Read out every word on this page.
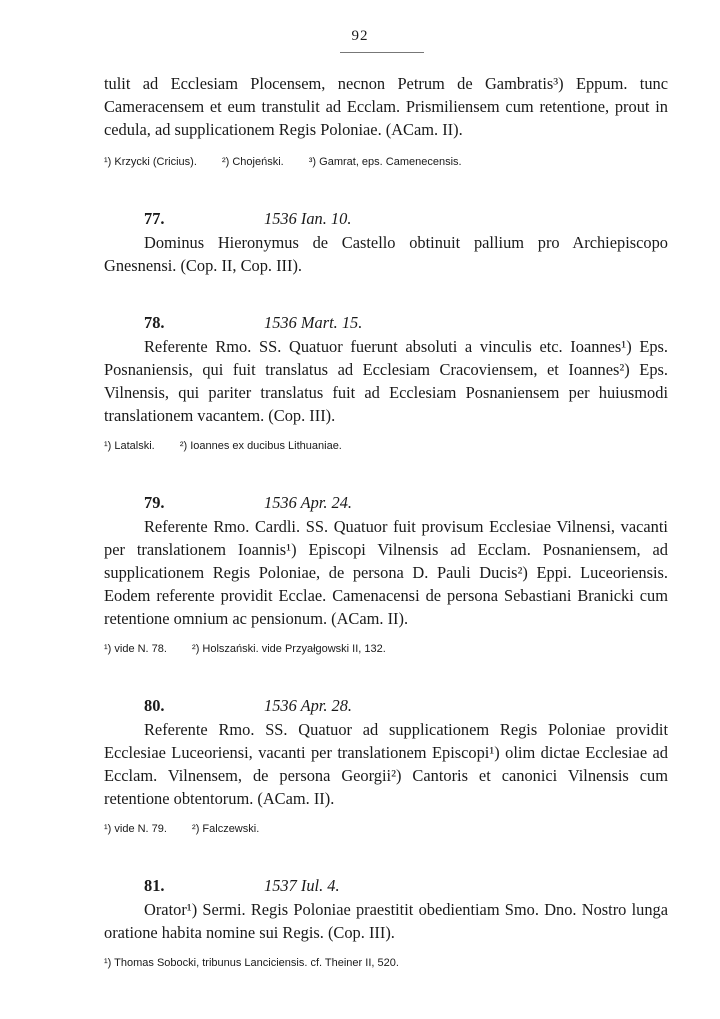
92

tulit ad Ecclesiam Plocensem, necnon Petrum de Gambratis³) Eppum. tunc Cameracensem et eum transtulit ad Ecclam. Prismiliensem cum retentione, prout in cedula, ad supplicationem Regis Poloniae. (ACam. II).

¹) Krzycki (Cricius). ²) Chojeński. ³) Gamrat, eps. Camenecensis.

77.	1536 Ian. 10.

Dominus Hieronymus de Castello obtinuit pallium pro Archiepiscopo Gnesnensi. (Cop. II, Cop. III).

78.	1536 Mart. 15.

Referente Rmo. SS. Quatuor fuerunt absoluti a vinculis etc. Ioannes¹) Eps. Posnaniensis, qui fuit translatus ad Ecclesiam Cracoviensem, et Ioannes²) Eps. Vilnensis, qui pariter translatus fuit ad Ecclesiam Posnaniensem per huiusmodi translationem vacantem. (Cop. III).

¹) Latalski. ²) Ioannes ex ducibus Lithuaniae.

79.	1536 Apr. 24.

Referente Rmo. Cardli. SS. Quatuor fuit provisum Ecclesiae Vilnensi, vacanti per translationem Ioannis¹) Episcopi Vilnensis ad Ecclam. Posnaniensem, ad supplicationem Regis Poloniae, de persona D. Pauli Ducis²) Eppi. Luceoriensis. Eodem referente providit Ecclae. Camenacensi de persona Sebastiani Branicki cum retentione omnium ac pensionum. (ACam. II).

¹) vide N. 78. ²) Holszański. vide Przyałgowski II, 132.

80.	1536 Apr. 28.

Referente Rmo. SS. Quatuor ad supplicationem Regis Poloniae providit Ecclesiae Luceoriensi, vacanti per translationem Episcopi¹) olim dictae Ecclesiae ad Ecclam. Vilnensem, de persona Georgii²) Cantoris et canonici Vilnensis cum retentione obtentorum. (ACam. II).

¹) vide N. 79. ²) Falczewski.

81.	1537 Iul. 4.

Orator¹) Sermi. Regis Poloniae praestitit obedientiam Smo. Dno. Nostro lunga oratione habita nomine sui Regis. (Cop. III).

¹) Thomas Sobocki, tribunus Lanciciensis. cf. Theiner II, 520.
